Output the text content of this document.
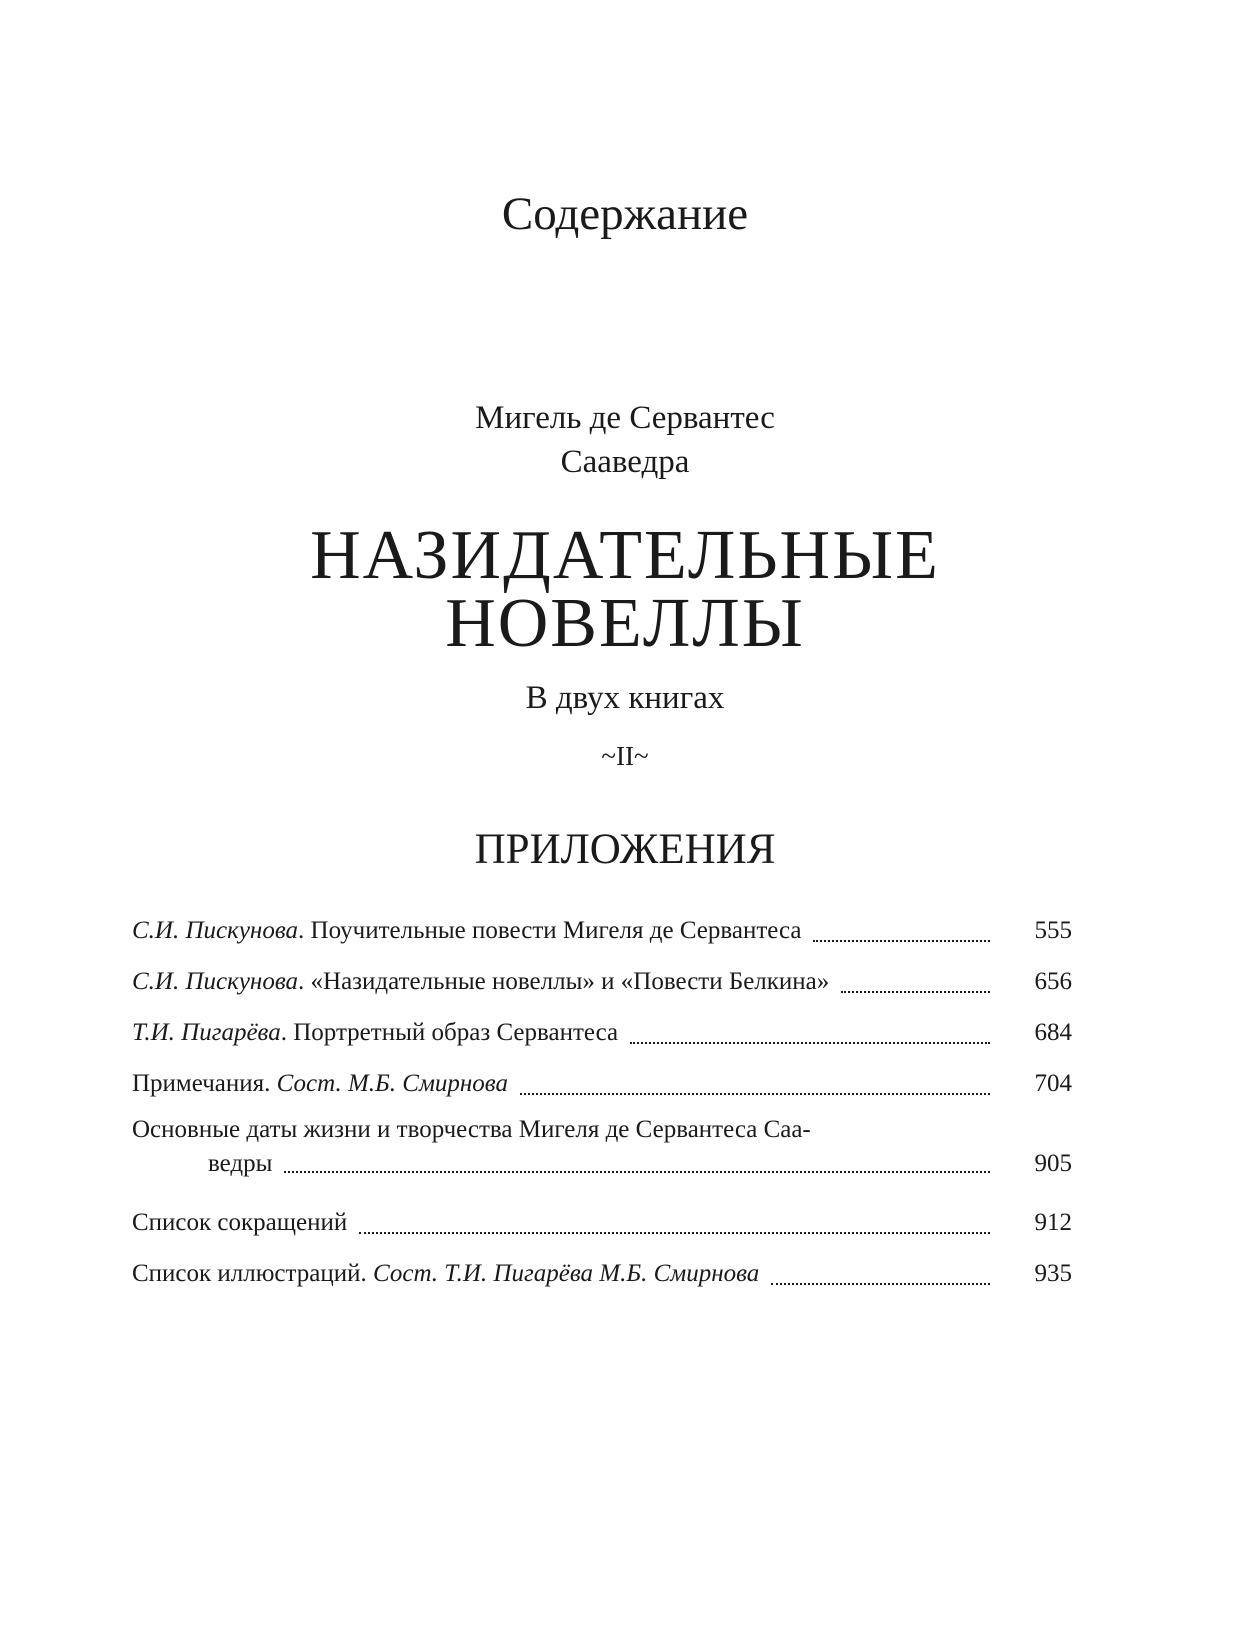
Содержание
Мигель де Сервантес
Сааведра
НАЗИДАТЕЛЬНЫЕ
НОВЕЛЛЫ
В двух книгах
~II~
ПРИЛОЖЕНИЯ
С.И. Пискунова. Поучительные повести Мигеля де Сервантеса	555
С.И. Пискунова. «Назидательные новеллы» и «Повести Белкина»	656
Т.И. Пигарёва. Портретный образ Сервантеса	684
Примечания. Сост. М.Б. Смирнова	704
Основные даты жизни и творчества Мигеля де Сервантеса Саа-
ведры	905
Список сокращений	912
Список иллюстраций. Сост. Т.И. Пигарёва М.Б. Смирнова	935
